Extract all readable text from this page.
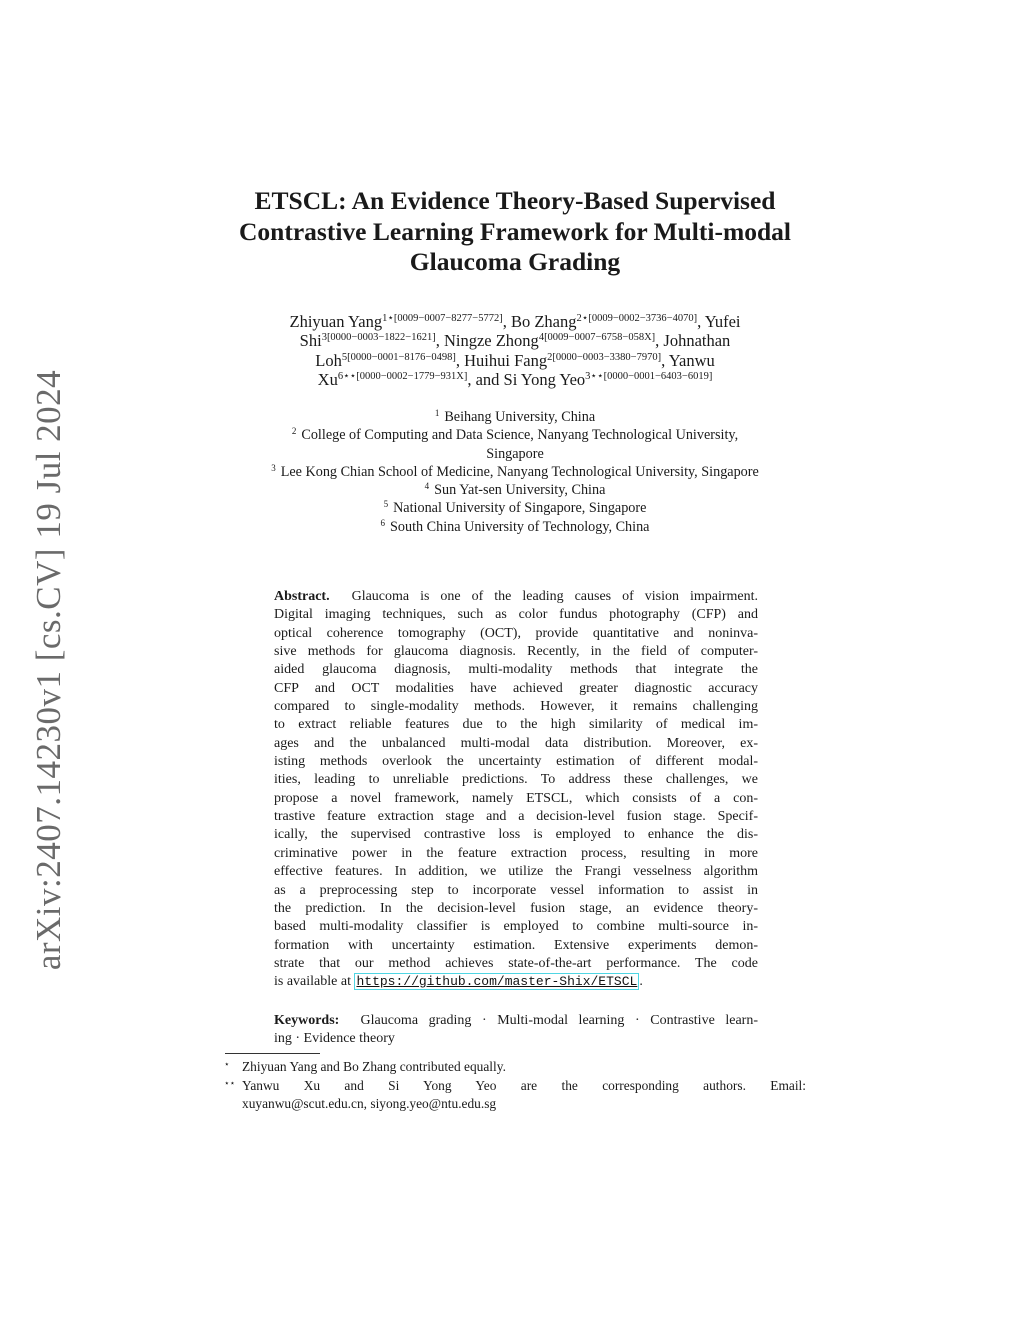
arXiv:2407.14230v1 [cs.CV] 19 Jul 2024
ETSCL: An Evidence Theory-Based Supervised
Contrastive Learning Framework for Multi-modal
Glaucoma Grading
Zhiyuan Yang$^{1⋆[0009-0007-8277-5772]}$, Bo Zhang$^{2⋆[0009-0002-3736-4070]}$, Yufei
Shi$^{3[0000-0003-1822-1621]}$, Ningze Zhong$^{4[0009-0007-6758-058X]}$, Johnathan
Loh$^{5[0000-0001-8176-0498]}$, Huihui Fang$^{2[0000-0003-3380-7970]}$, Yanwu
$Xu^{6⋆⋆[0000-0002-1779-931X]}$, and Si Yong Yeo$^{3⋆⋆[0000-0001-6403-6019]}$
$^1$ Beihang University, China
$^2$ College of Computing and Data Science, Nanyang Technological University,
Singapore
$^3$ Lee Kong Chian School of Medicine, Nanyang Technological University, Singapore
$^4$ Sun Yat-sen University, China
$^5$ National University of Singapore, Singapore
$^6$ South China University of Technology, China
Abstract. Glaucoma is one of the leading causes of vision impairment.
Digital imaging techniques, such as color fundus photography (CFP) and
optical coherence tomography (OCT), provide quantitative and noninva-
sive methods for glaucoma diagnosis. Recently, in the field of computer-
aided glaucoma diagnosis, multi-modality methods that integrate the
CFP and OCT modalities have achieved greater diagnostic accuracy
compared to single-modality methods. However, it remains challenging
to extract reliable features due to the high similarity of medical im-
ages and the unbalanced multi-modal data distribution. Moreover, ex-
isting methods overlook the uncertainty estimation of different modal-
ities, leading to unreliable predictions. To address these challenges, we
propose a novel framework, namely ETSCL, which consists of a con-
trastive feature extraction stage and a decision-level fusion stage. Specif-
ically, the supervised contrastive loss is employed to enhance the dis-
criminative power in the feature extraction process, resulting in more
effective features. In addition, we utilize the Frangi vesselness algorithm
as a preprocessing step to incorporate vessel information to assist in
the prediction. In the decision-level fusion stage, an evidence theory-
based multi-modality classifier is employed to combine multi-source in-
formation with uncertainty estimation. Extensive experiments demon-
strate that our method achieves state-of-the-art performance. The code
is available at https://github.com/master-Shix/ETSCL .
Keywords: Glaucoma grading · Multi-modal learning · Contrastive learn-
ing · Evidence theory
⋆ Zhiyuan Yang and Bo Zhang contributed equally.
⋆⋆ Yanwu Xu and Si Yong Yeo are the corresponding authors. Email:
xuyanwu@scut.edu.cn, siyong.yeo@ntu.edu.sg
